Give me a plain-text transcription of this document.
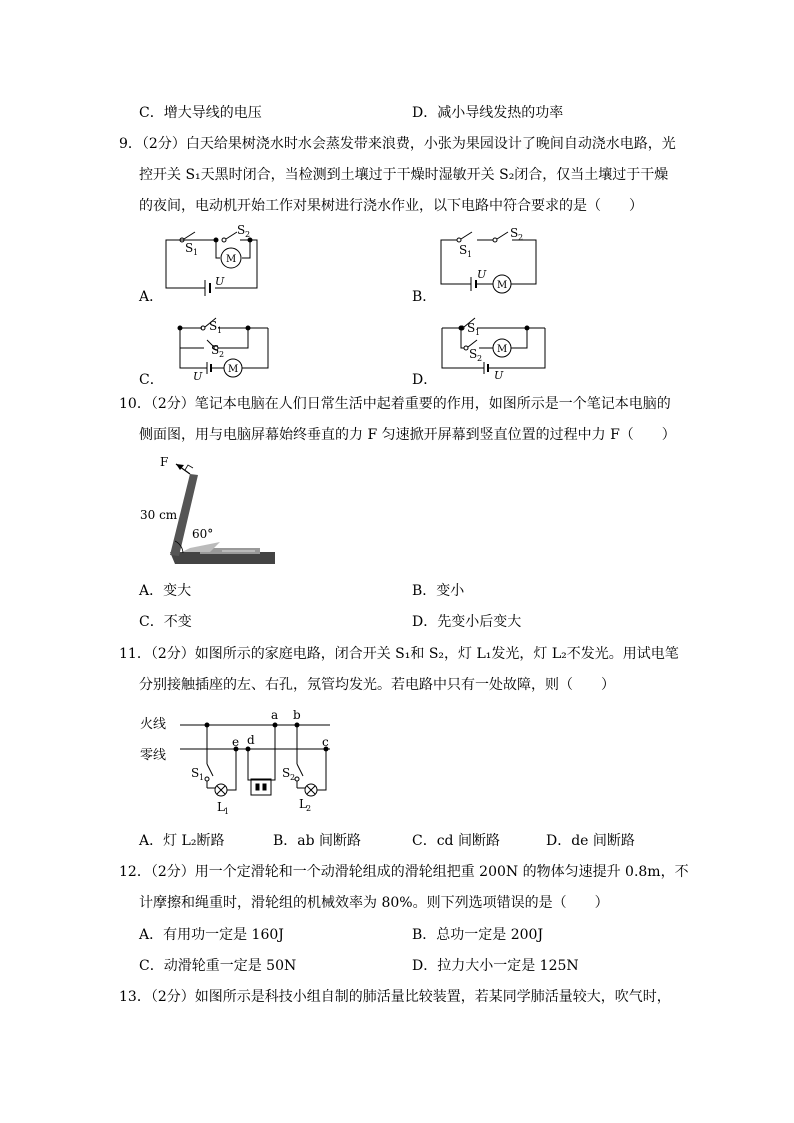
C．增大导线的电压	D．减小导线发热的功率
9．（2分）白天给果树浇水时水会蒸发带来浪费，小张为果园设计了晚间自动浇水电路，光
控开关 S₁天黑时闭合，当检测到土壤过于干燥时湿敏开关 S₂闭合，仅当土壤过于干燥
的夜间，电动机开始工作对果树进行浇水作业，以下电路中符合要求的是（　　）
A．	B．
C．	D．
S 1
S 2
M
U
S 1
S 2
M
U
S 1
S 2
M
U
S 1
S 2
M
U
10．（2分）笔记本电脑在人们日常生活中起着重要的作用，如图所示是一个笔记本电脑的
侧面图，用与电脑屏幕始终垂直的力 F 匀速掀开屏幕到竖直位置的过程中力 F（　　）
F
30 cm
60°
A．变大	B．变小
C．不变	D．先变小后变大
11．（2分）如图所示的家庭电路，闭合开关 S₁和 S₂，灯 L₁发光，灯 L₂不发光。用试电笔
分别接触插座的左、右孔，氖管均发光。若电路中只有一处故障，则（　　）
火线
零线
S 1
L 1
e d
a b
c
S 2
L 2
A．灯 L₂断路	B．ab 间断路	C．cd 间断路	D．de 间断路
12．（2分）用一个定滑轮和一个动滑轮组成的滑轮组把重 200N 的物体匀速提升 0.8m，不
计摩擦和绳重时，滑轮组的机械效率为 80%。则下列选项错误的是（　　）
A．有用功一定是 160J	B．总功一定是 200J
C．动滑轮重一定是 50N	D．拉力大小一定是 125N
13．（2分）如图所示是科技小组自制的肺活量比较装置，若某同学肺活量较大，吹气时，
